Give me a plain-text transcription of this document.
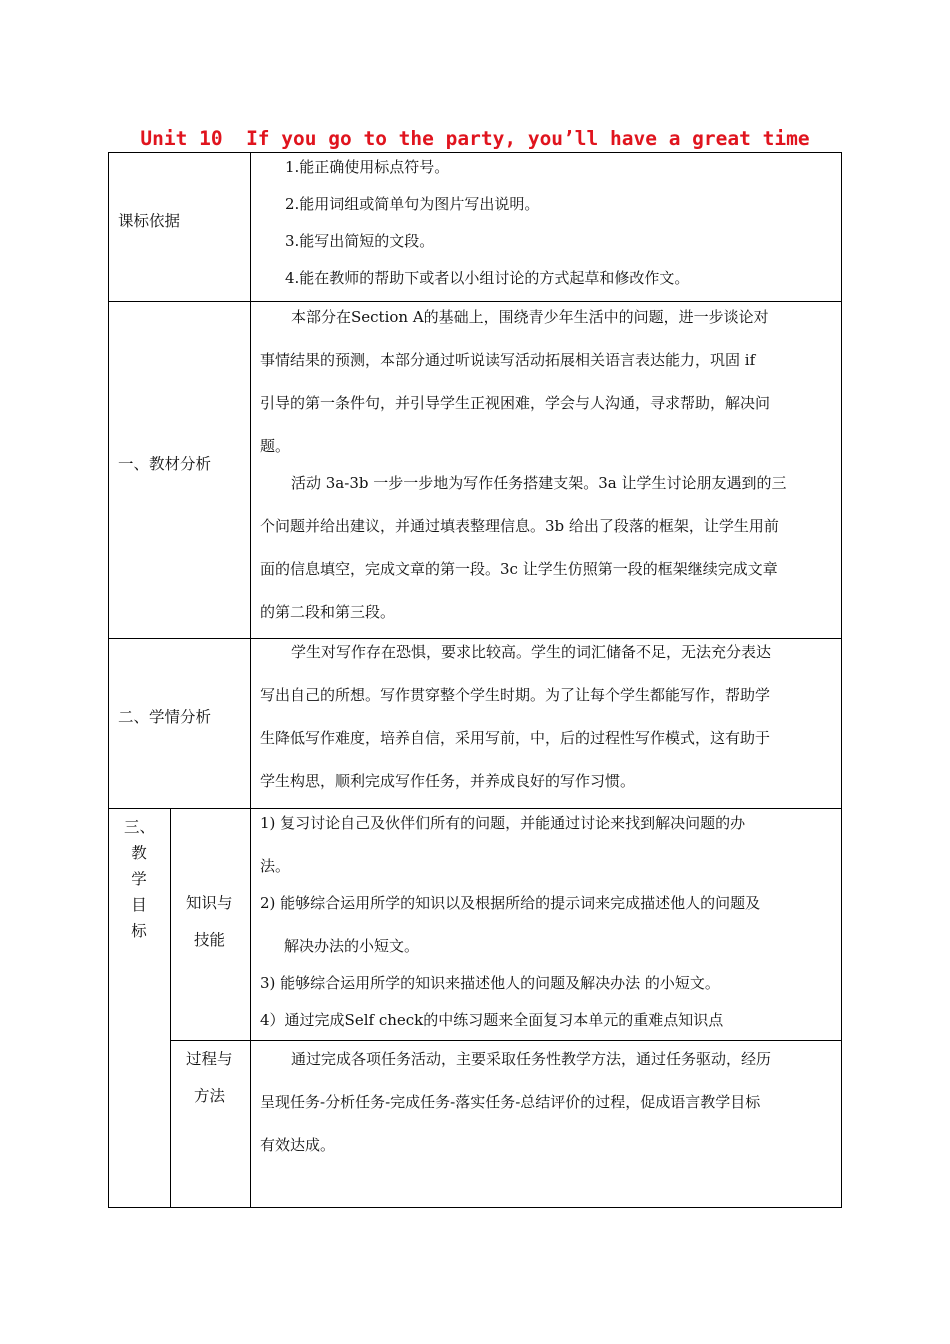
Unit 10  If you go to the party, you’ll have a great time
课标依据
1.能正确使用标点符号。
2.能用词组或简单句为图片写出说明。
3.能写出简短的文段。
4.能在教师的帮助下或者以小组讨论的方式起草和修改作文。
一、教材分析
本部分在Section A的基础上，围绕青少年生活中的问题，进一步谈论对
事情结果的预测，本部分通过听说读写活动拓展相关语言表达能力，巩固 if
引导的第一条件句，并引导学生正视困难，学会与人沟通，寻求帮助，解决问
题。
活动 3a-3b 一步一步地为写作任务搭建支架。3a 让学生讨论朋友遇到的三
个问题并给出建议，并通过填表整理信息。3b 给出了段落的框架，让学生用前
面的信息填空，完成文章的第一段。3c 让学生仿照第一段的框架继续完成文章
的第二段和第三段。
二、学情分析
学生对写作存在恐惧，要求比较高。学生的词汇储备不足，无法充分表达
写出自己的所想。写作贯穿整个学生时期。为了让每个学生都能写作，帮助学
生降低写作难度，培养自信，采用写前，中，后的过程性写作模式，这有助于
学生构思，顺利完成写作任务，并养成良好的写作习惯。
三、
教
学
目
标
知识与
技能
1) 复习讨论自己及伙伴们所有的问题，并能通过讨论来找到解决问题的办
法。
2) 能够综合运用所学的知识以及根据所给的提示词来完成描述他人的问题及
解决办法的小短文。
3) 能够综合运用所学的知识来描述他人的问题及解决办法 的小短文。
4）通过完成Self check的中练习题来全面复习本单元的重难点知识点
过程与
方法
通过完成各项任务活动，主要采取任务性教学方法，通过任务驱动，经历
呈现任务-分析任务-完成任务-落实任务-总结评价的过程，促成语言教学目标
有效达成。
